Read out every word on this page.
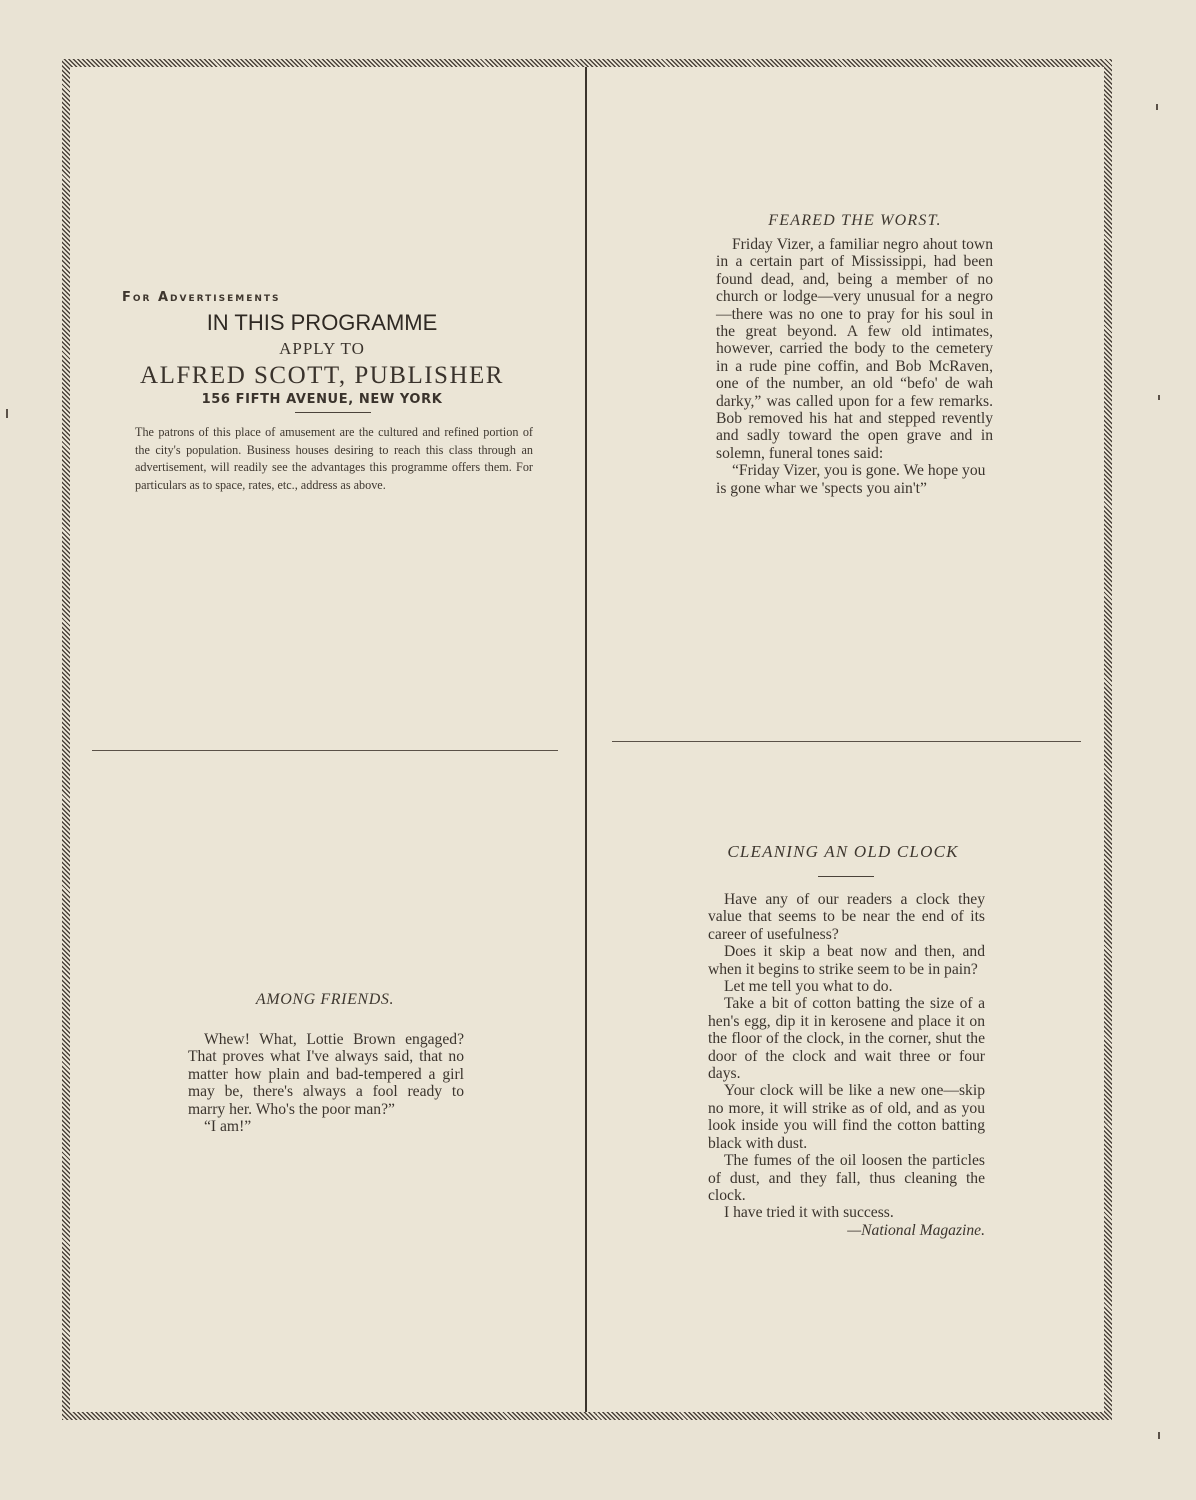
For Advertisements
IN THIS PROGRAMME
APPLY TO
ALFRED SCOTT, PUBLISHER
156 FIFTH AVENUE, NEW YORK
The patrons of this place of amusement are the cultured and refined portion of the city's population. Business houses desiring to reach this class through an advertisement, will readily see the advantages this programme offers them. For particulars as to space, rates, etc., address as above.
FEARED THE WORST.

Friday Vizer, a familiar negro ahout town in a certain part of Mississippi, had been found dead, and, being a member of no church or lodge—very unusual for a negro —there was no one to pray for his soul in the great beyond. A few old intimates, however, carried the body to the cemetery in a rude pine coffin, and Bob McRaven, one of the number, an old “befo' de wah darky,” was called upon for a few remarks. Bob removed his hat and stepped revently and sadly toward the open grave and in solemn, funeral tones said:

“Friday Vizer, you is gone. We hope you is gone whar we 'spects you ain't”

AMONG FRIENDS.

Whew! What, Lottie Brown engaged? That proves what I've always said, that no matter how plain and bad-tempered a girl may be, there's always a fool ready to marry her. Who's the poor man?”

“I am!”

CLEANING AN OLD CLOCK

Have any of our readers a clock they value that seems to be near the end of its career of usefulness?

Does it skip a beat now and then, and when it begins to strike seem to be in pain?

Let me tell you what to do.

Take a bit of cotton batting the size of a hen's egg, dip it in kerosene and place it on the floor of the clock, in the corner, shut the door of the clock and wait three or four days.

Your clock will be like a new one—skip no more, it will strike as of old, and as you look inside you will find the cotton batting black with dust.

The fumes of the oil loosen the particles of dust, and they fall, thus cleaning the clock.

I have tried it with success.

—National Magazine.
